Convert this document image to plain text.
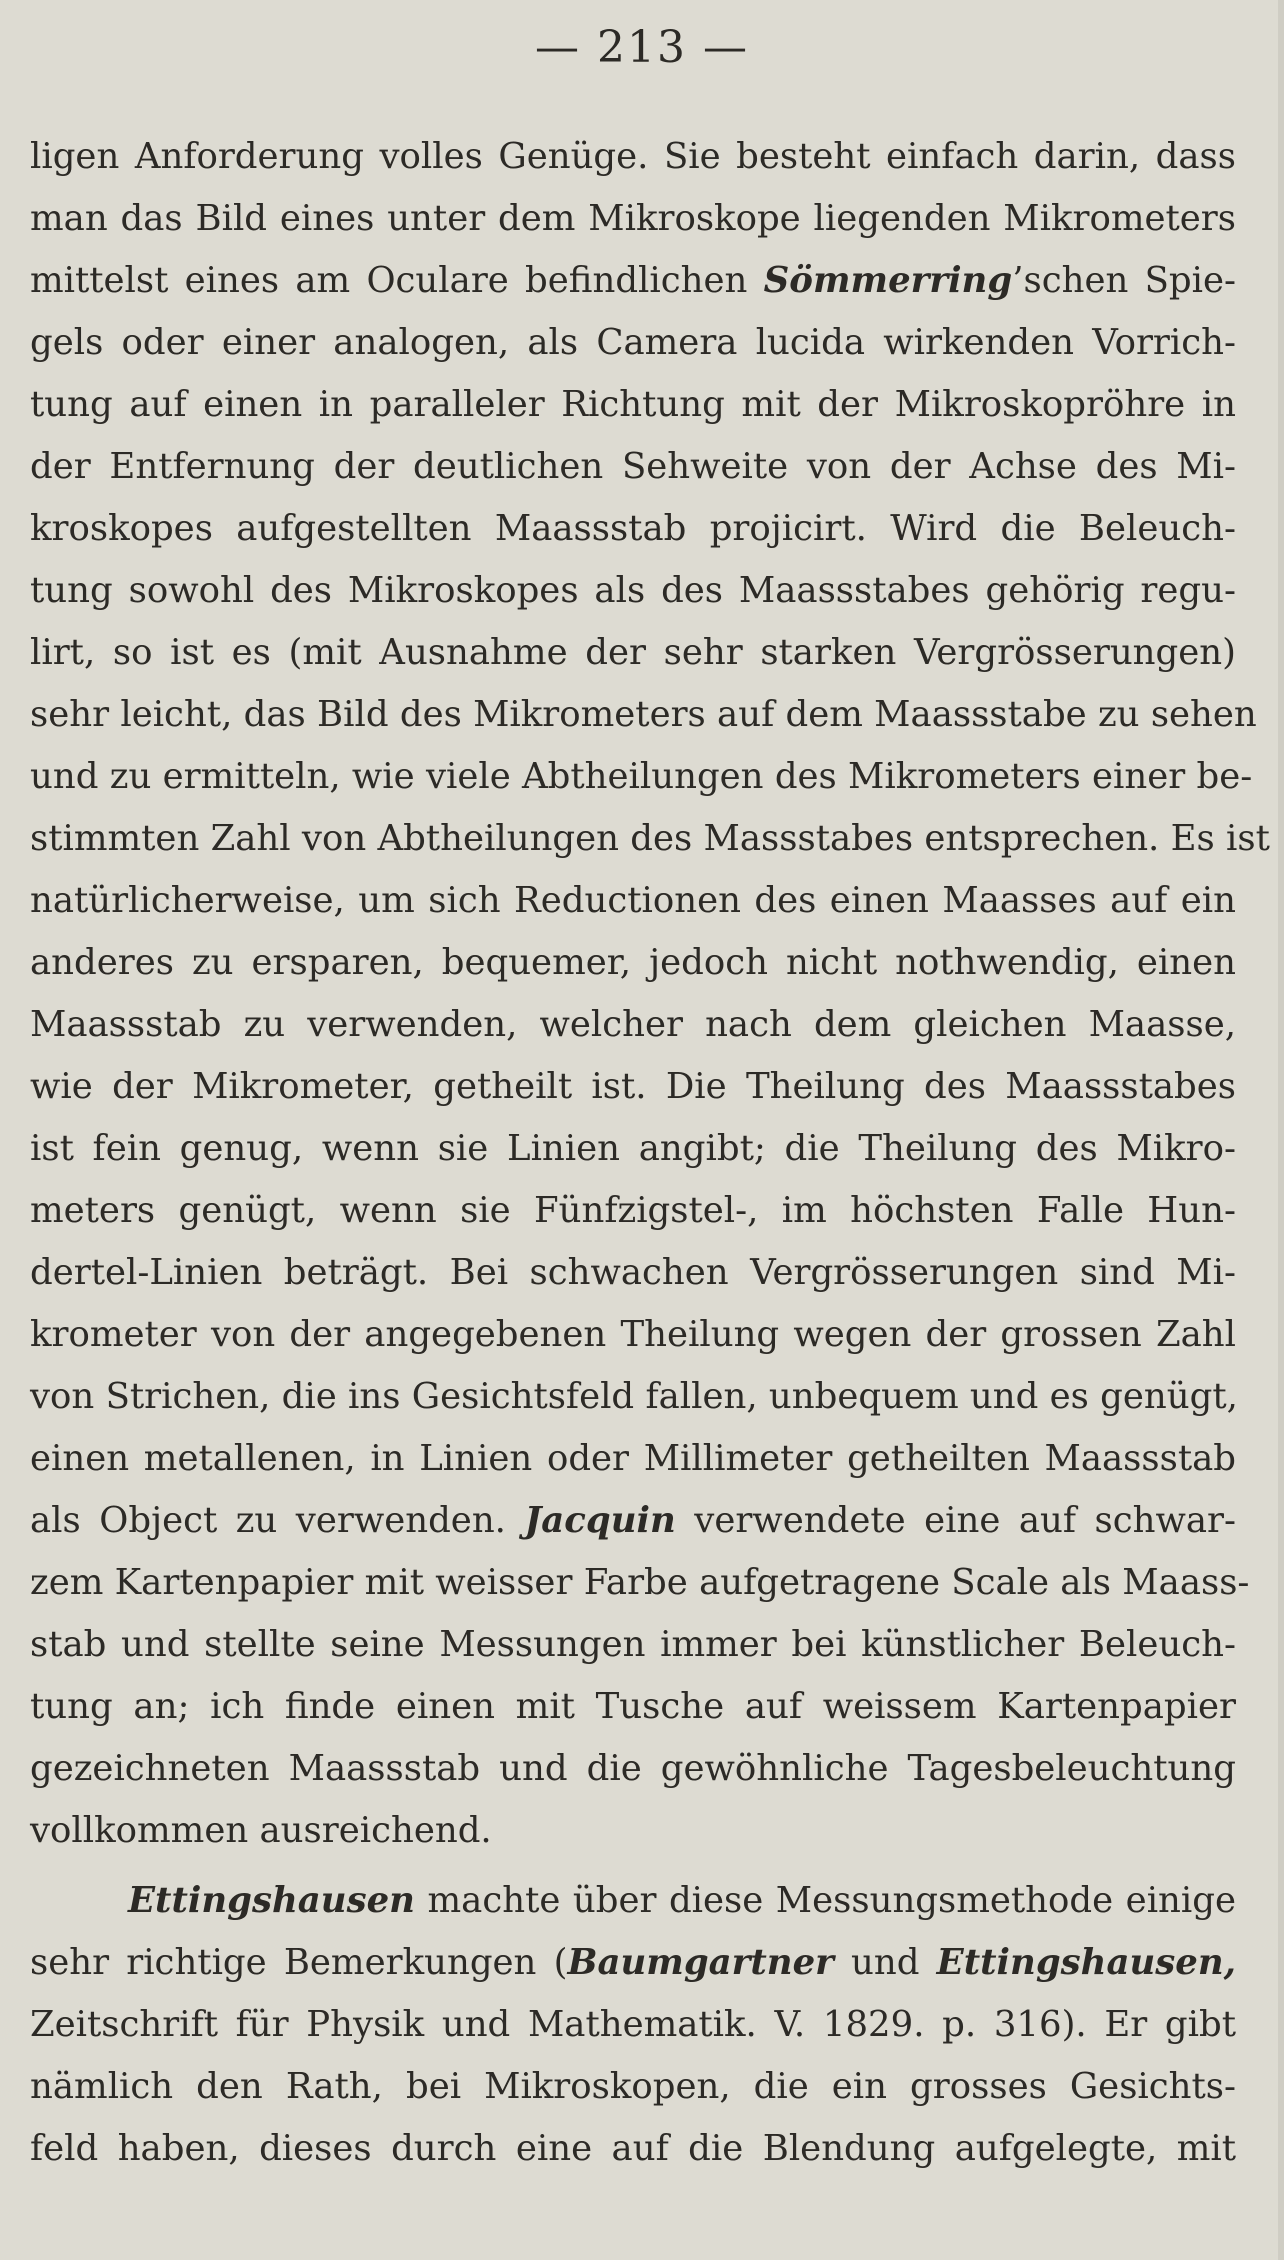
— 213 —
ligen Anforderung volles Genüge. Sie besteht einfach darin, dass
man das Bild eines unter dem Mikroskope liegenden Mikrometers
mittelst eines am Oculare befindlichen Sömmerring’schen Spie-
gels oder einer analogen, als Camera lucida wirkenden Vorrich-
tung auf einen in paralleler Richtung mit der Mikroskopröhre in
der Entfernung der deutlichen Sehweite von der Achse des Mi-
kroskopes aufgestellten Maassstab projicirt. Wird die Beleuch-
tung sowohl des Mikroskopes als des Maassstabes gehörig regu-
lirt, so ist es (mit Ausnahme der sehr starken Vergrösserungen)
sehr leicht, das Bild des Mikrometers auf dem Maassstabe zu sehen
und zu ermitteln, wie viele Abtheilungen des Mikrometers einer be-
stimmten Zahl von Abtheilungen des Massstabes entsprechen. Es ist
natürlicherweise, um sich Reductionen des einen Maasses auf ein
anderes zu ersparen, bequemer, jedoch nicht nothwendig, einen
Maassstab zu verwenden, welcher nach dem gleichen Maasse,
wie der Mikrometer, getheilt ist. Die Theilung des Maassstabes
ist fein genug, wenn sie Linien angibt; die Theilung des Mikro-
meters genügt, wenn sie Fünfzigstel-, im höchsten Falle Hun-
dertel-Linien beträgt. Bei schwachen Vergrösserungen sind Mi-
krometer von der angegebenen Theilung wegen der grossen Zahl
von Strichen, die ins Gesichtsfeld fallen, unbequem und es genügt,
einen metallenen, in Linien oder Millimeter getheilten Maassstab
als Object zu verwenden. Jacquin verwendete eine auf schwar-
zem Kartenpapier mit weisser Farbe aufgetragene Scale als Maass-
stab und stellte seine Messungen immer bei künstlicher Beleuch-
tung an; ich finde einen mit Tusche auf weissem Kartenpapier
gezeichneten Maassstab und die gewöhnliche Tagesbeleuchtung
vollkommen ausreichend.
Ettingshausen machte über diese Messungsmethode einige
sehr richtige Bemerkungen (Baumgartner und Ettingshausen,
Zeitschrift für Physik und Mathematik. V. 1829. p. 316). Er gibt
nämlich den Rath, bei Mikroskopen, die ein grosses Gesichts-
feld haben, dieses durch eine auf die Blendung aufgelegte, mit
